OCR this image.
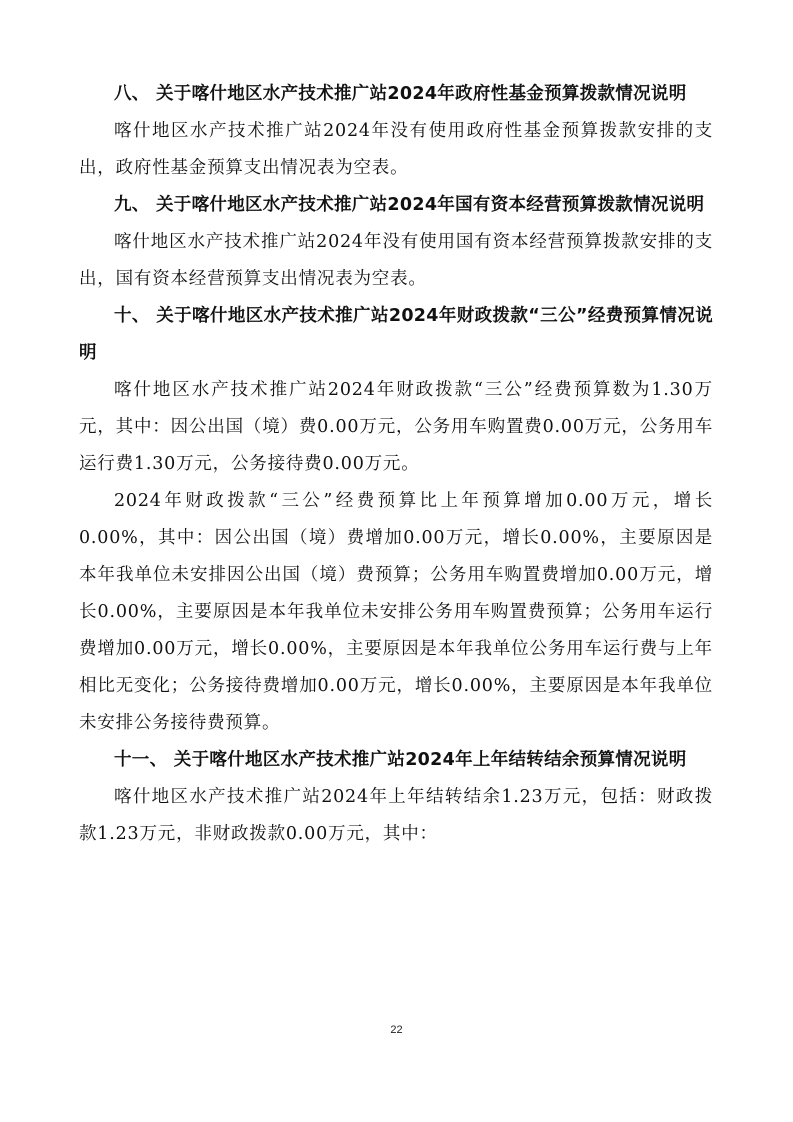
八、 关于喀什地区水产技术推广站2024年政府性基金预算拨款情况说明

喀什地区水产技术推广站2024年没有使用政府性基金预算拨款安排的支出，政府性基金预算支出情况表为空表。

九、 关于喀什地区水产技术推广站2024年国有资本经营预算拨款情况说明

喀什地区水产技术推广站2024年没有使用国有资本经营预算拨款安排的支出，国有资本经营预算支出情况表为空表。

十、 关于喀什地区水产技术推广站2024年财政拨款“三公”经费预算情况说明

喀什地区水产技术推广站2024年财政拨款“三公”经费预算数为1.30万元，其中：因公出国（境）费0.00万元，公务用车购置费0.00万元，公务用车运行费1.30万元，公务接待费0.00万元。

2024年财政拨款“三公”经费预算比上年预算增加0.00万元，增长0.00%，其中：因公出国（境）费增加0.00万元，增长0.00%，主要原因是本年我单位未安排因公出国（境）费预算；公务用车购置费增加0.00万元，增长0.00%，主要原因是本年我单位未安排公务用车购置费预算；公务用车运行费增加0.00万元，增长0.00%，主要原因是本年我单位公务用车运行费与上年相比无变化；公务接待费增加0.00万元，增长0.00%，主要原因是本年我单位未安排公务接待费预算。

十一、 关于喀什地区水产技术推广站2024年上年结转结余预算情况说明

喀什地区水产技术推广站2024年上年结转结余1.23万元，包括：财政拨款1.23万元，非财政拨款0.00万元，其中：

22
